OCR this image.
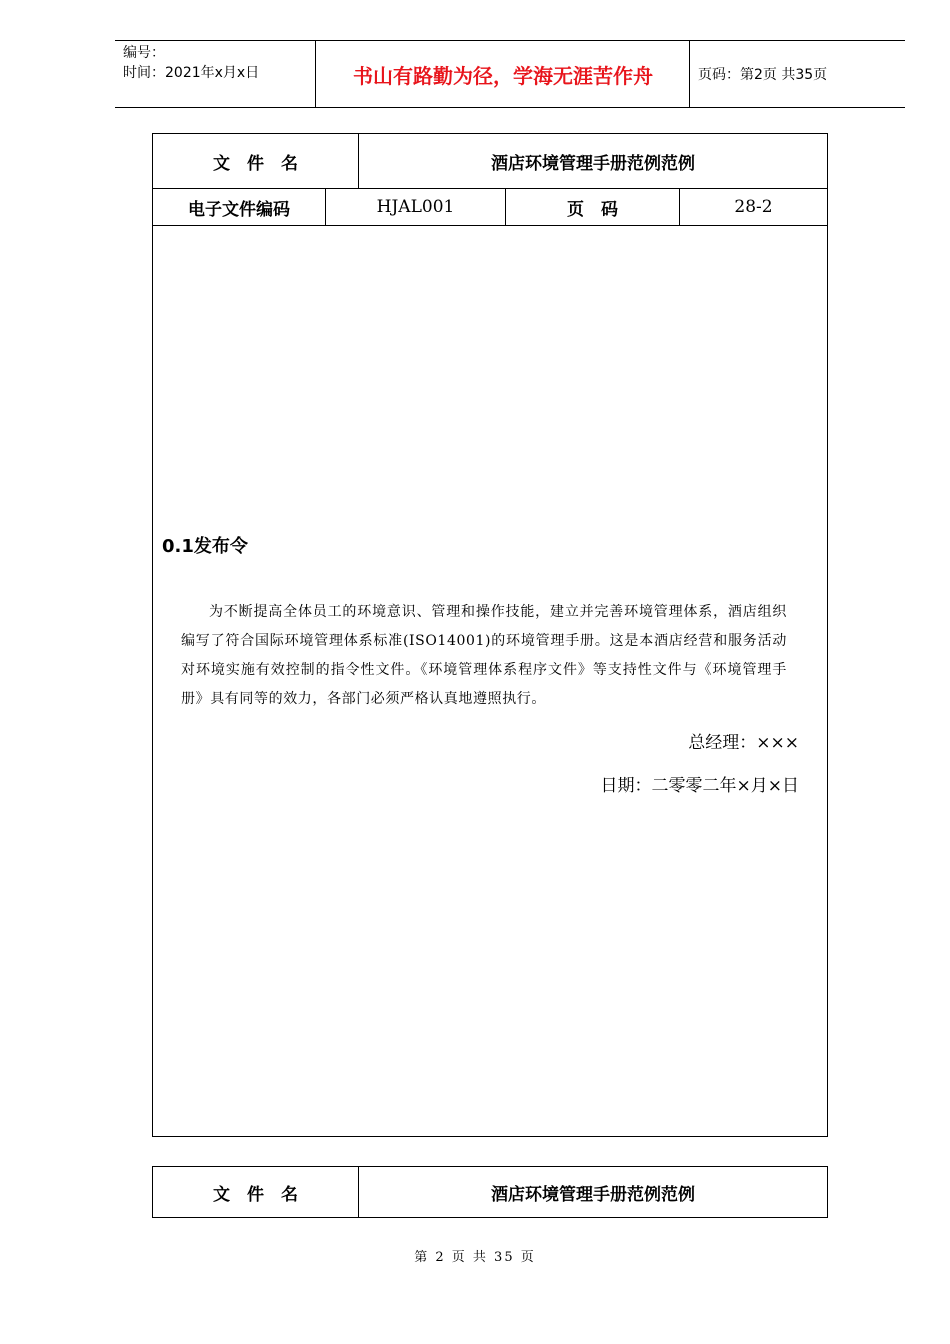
编号：
时间：2021年x月x日	书山有路勤为径，学海无涯苦作舟	页码：第2页 共35页
文　件　名	酒店环境管理手册范例范例
电子文件编码	HJAL001	页　码	28-2
0.1发布令

为不断提高全体员工的环境意识、管理和操作技能，建立并完善环境管理体系，酒店组织编写了符合国际环境管理体系标准(ISO14001)的环境管理手册。这是本酒店经营和服务活动对环境实施有效控制的指令性文件。《环境管理体系程序文件》等支持性文件与《环境管理手册》具有同等的效力，各部门必须严格认真地遵照执行。

总经理：×××
日期：二零零二年×月×日
文　件　名	酒店环境管理手册范例范例
第 2 页 共 35 页
